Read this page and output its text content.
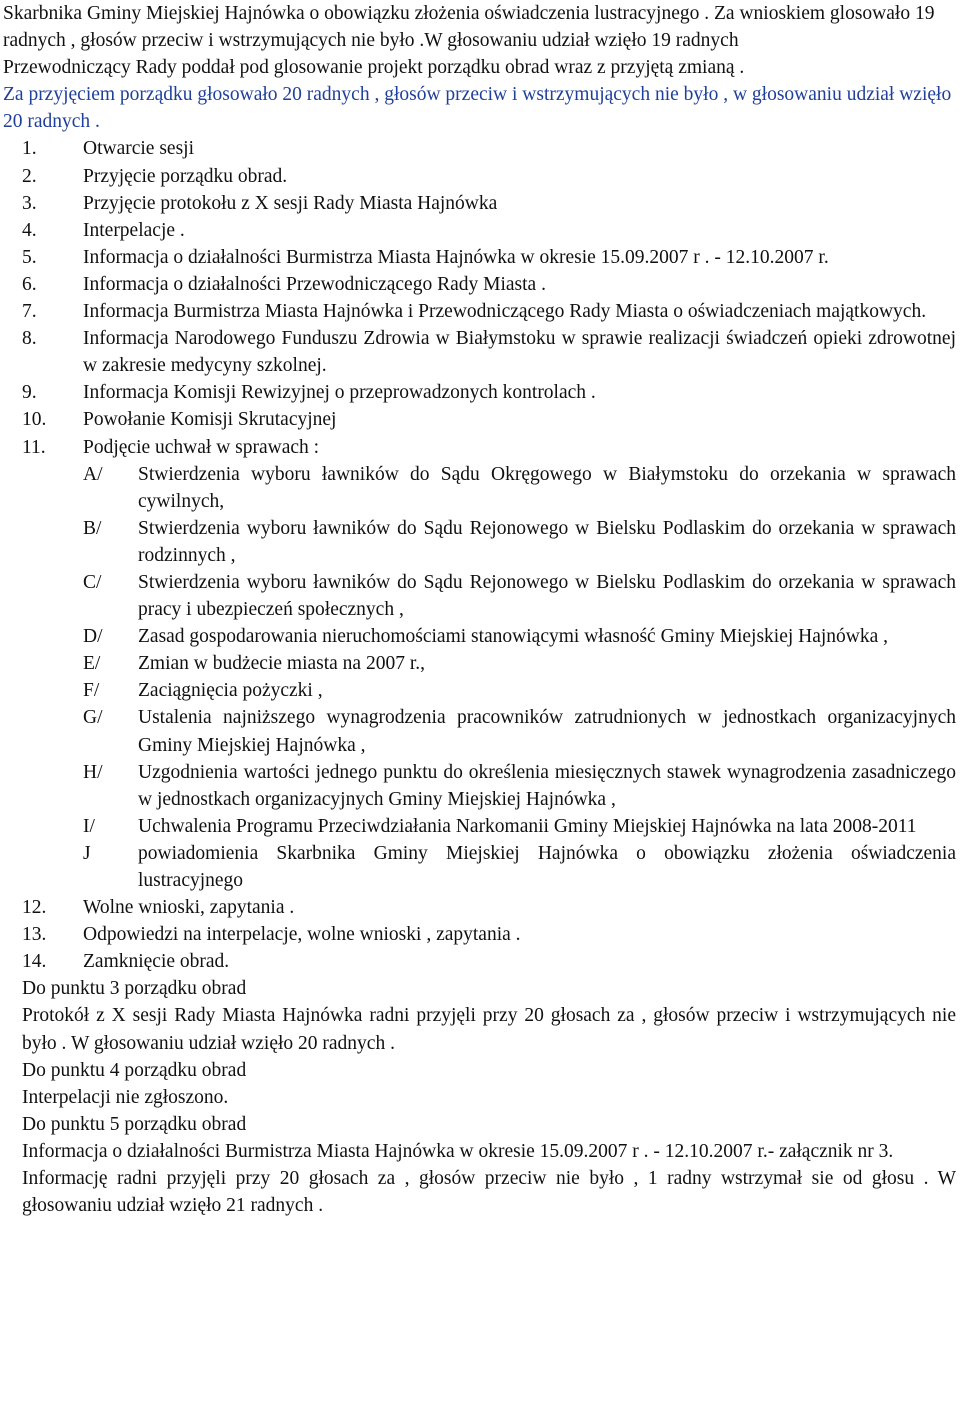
Skarbnika Gminy Miejskiej Hajnówka o obowiązku złożenia oświadczenia lustracyjnego . Za wnioskiem glosowało 19 radnych , głosów przeciw i wstrzymujących nie było .W głosowaniu udział wzięło 19 radnych

Przewodniczący Rady poddał pod glosowanie projekt porządku obrad wraz z przyjętą zmianą .

Za przyjęciem porządku głosowało 20 radnych , głosów przeciw i wstrzymujących nie było , w głosowaniu udział wzięło 20 radnych .

1.	Otwarcie sesji
2.	Przyjęcie porządku obrad.
3.	Przyjęcie protokołu z X sesji Rady Miasta Hajnówka
4.	Interpelacje .
5.	Informacja o działalności Burmistrza Miasta Hajnówka w okresie 15.09.2007 r . - 12.10.2007 r.
6.	Informacja o działalności Przewodniczącego Rady Miasta .
7.	Informacja Burmistrza Miasta Hajnówka i Przewodniczącego Rady Miasta o oświadczeniach majątkowych.
8.	Informacja Narodowego Funduszu Zdrowia w Białymstoku w sprawie realizacji świadczeń opieki zdrowotnej w zakresie medycyny szkolnej.
9.	Informacja Komisji Rewizyjnej o przeprowadzonych kontrolach .
10.	Powołanie Komisji Skrutacyjnej
11.	Podjęcie uchwał w sprawach :
A/	Stwierdzenia wyboru ławników do Sądu Okręgowego w Białymstoku do orzekania w sprawach cywilnych,
B/	Stwierdzenia wyboru ławników do Sądu Rejonowego w Bielsku Podlaskim do orzekania w sprawach rodzinnych ,
C/	Stwierdzenia wyboru ławników do Sądu Rejonowego w Bielsku Podlaskim do orzekania w sprawach pracy i ubezpieczeń społecznych ,
D/	Zasad gospodarowania nieruchomościami stanowiącymi własność Gminy Miejskiej Hajnówka ,
E/	Zmian w budżecie miasta na 2007 r.,
F/	Zaciągnięcia pożyczki ,
G/	Ustalenia najniższego wynagrodzenia pracowników zatrudnionych w jednostkach organizacyjnych Gminy Miejskiej Hajnówka ,
H/	Uzgodnienia wartości jednego punktu do określenia miesięcznych stawek wynagrodzenia zasadniczego w jednostkach organizacyjnych Gminy Miejskiej Hajnówka ,
I/	Uchwalenia Programu Przeciwdziałania Narkomanii Gminy Miejskiej Hajnówka na lata 2008-2011
J	powiadomienia Skarbnika Gminy Miejskiej Hajnówka o obowiązku złożenia oświadczenia lustracyjnego
12.	Wolne wnioski, zapytania .
13.	Odpowiedzi na interpelacje, wolne wnioski , zapytania .
14.	Zamknięcie obrad.

Do punktu 3 porządku obrad

Protokół z X sesji Rady Miasta Hajnówka radni przyjęli przy 20 głosach za , głosów przeciw i wstrzymujących nie było . W głosowaniu udział wzięło 20 radnych .

Do punktu 4 porządku obrad

Interpelacji nie zgłoszono.

Do punktu 5 porządku obrad

Informacja o działalności Burmistrza Miasta Hajnówka w okresie 15.09.2007 r . - 12.10.2007 r.- załącznik nr 3.

Informację radni przyjęli przy 20 głosach za , głosów przeciw nie było , 1 radny wstrzymał sie od głosu . W głosowaniu udział wzięło 21 radnych .
